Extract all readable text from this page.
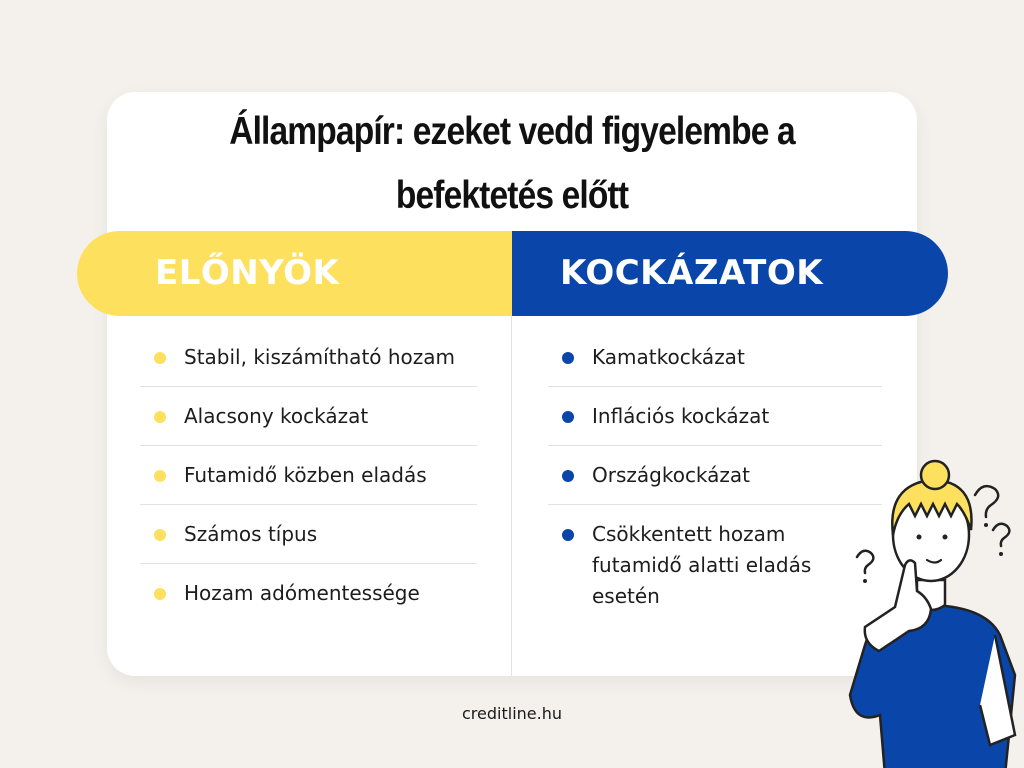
Állampapír: ezeket vedd figyelembe a
befektetés előtt
ELŐNYÖK	KOCKÁZATOK
Stabil, kiszámítható hozam
Alacsony kockázat
Futamidő közben eladás
Számos típus
Hozam adómentessége
Kamatkockázat
Inflációs kockázat
Országkockázat
Csökkentett hozam futamidő alatti eladás esetén
creditline.hu
